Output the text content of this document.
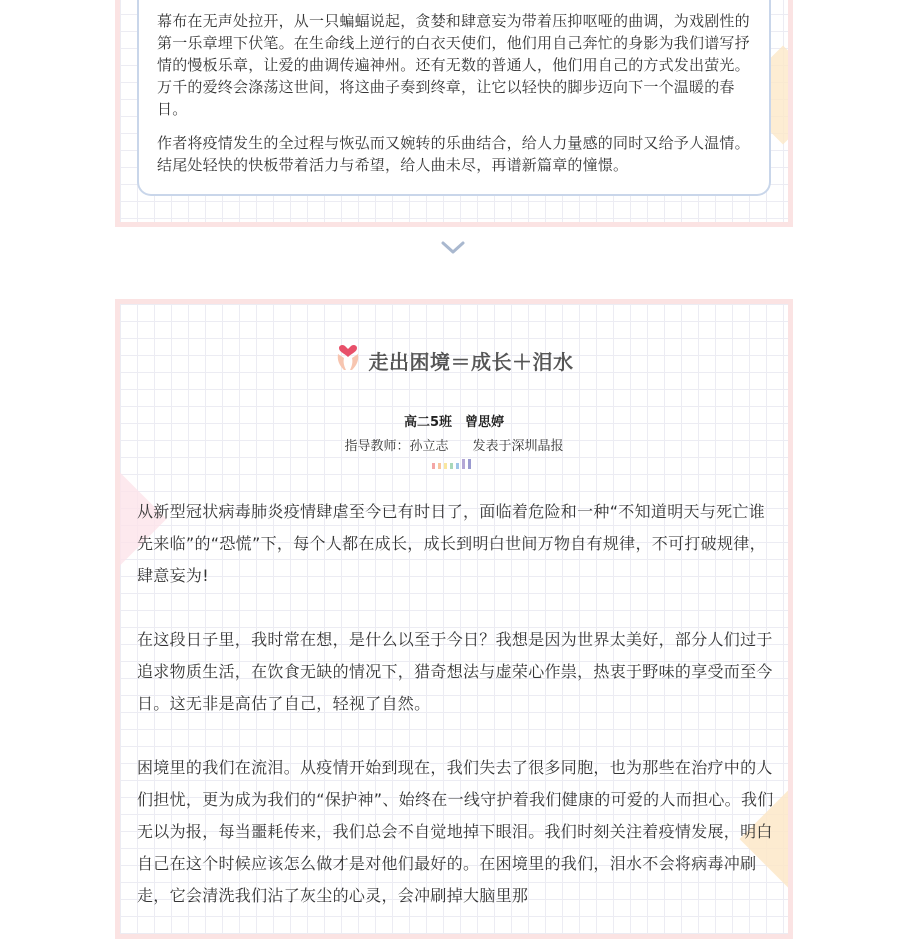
幕布在无声处拉开，从一只蝙蝠说起，贪婪和肆意妄为带着压抑呕哑的曲调，为戏剧性的第一乐章埋下伏笔。在生命线上逆行的白衣天使们，他们用自己奔忙的身影为我们谱写抒情的慢板乐章，让爱的曲调传遍神州。还有无数的普通人，他们用自己的方式发出萤光。万千的爱终会涤荡这世间，将这曲子奏到终章，让它以轻快的脚步迈向下一个温暖的春日。

作者将疫情发生的全过程与恢弘而又婉转的乐曲结合，给人力量感的同时又给予人温情。结尾处轻快的快板带着活力与希望，给人曲未尽，再谱新篇章的憧憬。

走出困境＝成长＋泪水
高二5班　曾思婷
指导教师：孙立志 发表于深圳晶报

从新型冠状病毒肺炎疫情肆虐至今已有时日了，面临着危险和一种“不知道明天与死亡谁先来临”的“恐慌”下，每个人都在成长，成长到明白世间万物自有规律，不可打破规律，肆意妄为!

在这段日子里，我时常在想，是什么以至于今日？我想是因为世界太美好，部分人们过于追求物质生活，在饮食无缺的情况下，猎奇想法与虚荣心作祟，热衷于野味的享受而至今日。这无非是高估了自己，轻视了自然。

困境里的我们在流泪。从疫情开始到现在，我们失去了很多同胞，也为那些在治疗中的人们担忧，更为成为我们的“保护神”、始终在一线守护着我们健康的可爱的人而担心。我们无以为报，每当噩耗传来，我们总会不自觉地掉下眼泪。我们时刻关注着疫情发展，明白自己在这个时候应该怎么做才是对他们最好的。在困境里的我们，泪水不会将病毒冲刷走，它会清洗我们沾了灰尘的心灵，会冲刷掉大脑里那
